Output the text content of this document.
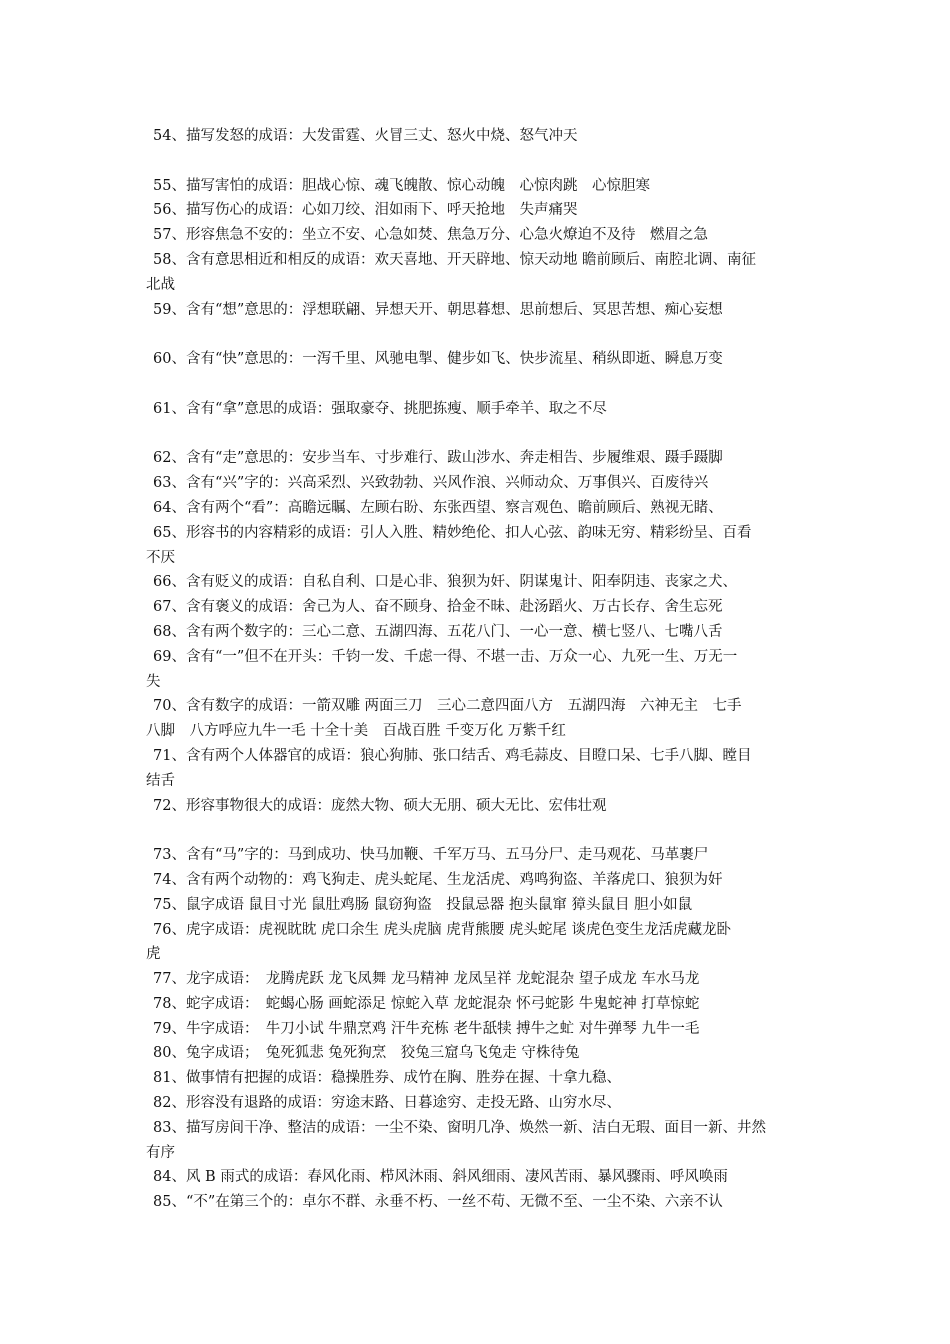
54、描写发怒的成语：大发雷霆、火冒三丈、怒火中烧、怒气冲天
55、描写害怕的成语：胆战心惊、魂飞魄散、惊心动魄　心惊肉跳　心惊胆寒
56、描写伤心的成语：心如刀绞、泪如雨下、呼天抢地　失声痛哭
57、形容焦急不安的：坐立不安、心急如焚、焦急万分、心急火燎迫不及待　燃眉之急
58、含有意思相近和相反的成语：欢天喜地、开天辟地、惊天动地 瞻前顾后、南腔北调、南征
北战
59、含有“想”意思的：浮想联翩、异想天开、朝思暮想、思前想后、冥思苦想、痴心妄想
60、含有“快”意思的：一泻千里、风驰电掣、健步如飞、快步流星、稍纵即逝、瞬息万变
61、含有“拿”意思的成语：强取豪夺、挑肥拣瘦、顺手牵羊、取之不尽
62、含有“走”意思的：安步当车、寸步难行、跋山涉水、奔走相告、步履维艰、蹑手蹑脚
63、含有“兴”字的：兴高采烈、兴致勃勃、兴风作浪、兴师动众、万事俱兴、百废待兴
64、含有两个“看”：高瞻远瞩、左顾右盼、东张西望、察言观色、瞻前顾后、熟视无睹、
65、形容书的内容精彩的成语：引人入胜、精妙绝伦、扣人心弦、韵味无穷、精彩纷呈、百看
不厌
66、含有贬义的成语：自私自利、口是心非、狼狈为奸、阴谋鬼计、阳奉阴违、丧家之犬、
67、含有褒义的成语：舍己为人、奋不顾身、拾金不昧、赴汤蹈火、万古长存、舍生忘死
68、含有两个数字的：三心二意、五湖四海、五花八门、一心一意、横七竖八、七嘴八舌
69、含有“一”但不在开头：千钧一发、千虑一得、不堪一击、万众一心、九死一生、万无一
失
70、含有数字的成语：一箭双雕 两面三刀　三心二意四面八方　五湖四海　六神无主　七手
八脚　八方呼应九牛一毛 十全十美　百战百胜 千变万化 万紫千红
71、含有两个人体器官的成语：狼心狗肺、张口结舌、鸡毛蒜皮、目瞪口呆、七手八脚、瞠目
结舌
72、形容事物很大的成语：庞然大物、硕大无朋、硕大无比、宏伟壮观
73、含有“马”字的：马到成功、快马加鞭、千军万马、五马分尸、走马观花、马革裹尸
74、含有两个动物的：鸡飞狗走、虎头蛇尾、生龙活虎、鸡鸣狗盗、羊落虎口、狼狈为奸
75、鼠字成语 鼠目寸光 鼠肚鸡肠 鼠窃狗盗　投鼠忌器 抱头鼠窜 獐头鼠目 胆小如鼠
76、虎字成语：虎视眈眈 虎口余生 虎头虎脑 虎背熊腰 虎头蛇尾 谈虎色变生龙活虎藏龙卧
虎
77、龙字成语：　龙腾虎跃 龙飞凤舞 龙马精神 龙凤呈祥 龙蛇混杂 望子成龙 车水马龙
78、蛇字成语：　蛇蝎心肠 画蛇添足 惊蛇入草 龙蛇混杂 怀弓蛇影 牛鬼蛇神 打草惊蛇
79、牛字成语：　牛刀小试 牛鼎烹鸡 汗牛充栋 老牛舐犊 搏牛之虻 对牛弹琴 九牛一毛
80、兔字成语；　兔死狐悲 兔死狗烹　狡兔三窟乌飞兔走 守株待兔
81、做事情有把握的成语：稳操胜券、成竹在胸、胜券在握、十拿九稳、
82、形容没有退路的成语：穷途末路、日暮途穷、走投无路、山穷水尽、
83、描写房间干净、整洁的成语：一尘不染、窗明几净、焕然一新、洁白无瑕、面目一新、井然
有序
84、风 B 雨式的成语：春风化雨、栉风沐雨、斜风细雨、凄风苦雨、暴风骤雨、呼风唤雨
85、“不”在第三个的：卓尔不群、永垂不朽、一丝不苟、无微不至、一尘不染、六亲不认
